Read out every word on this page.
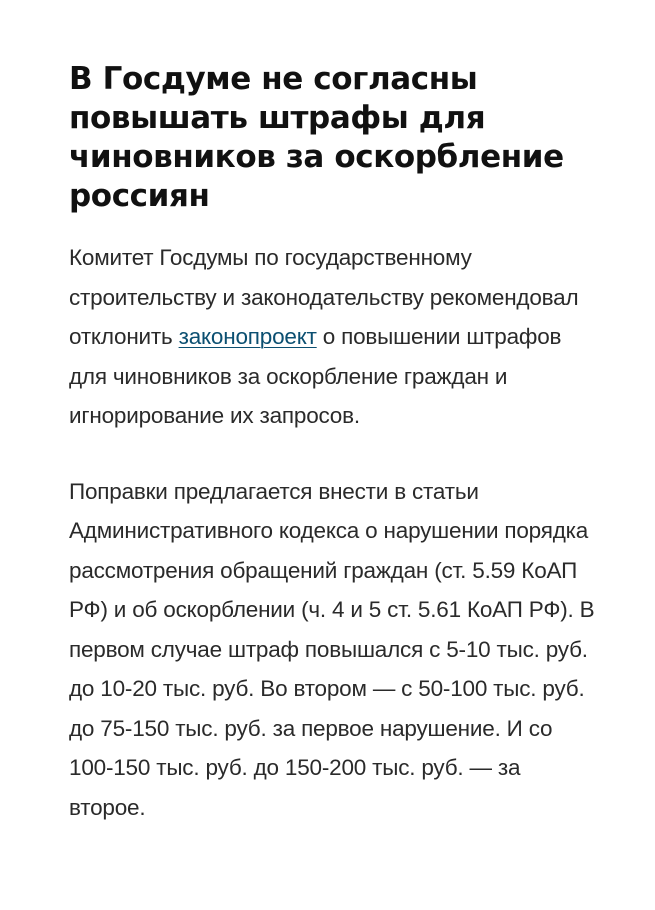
В Госдуме не согласны повышать штрафы для чиновников за оскорбление россиян

Комитет Госдумы по государственному строительству и законодательству рекомендовал отклонить законопроект о повышении штрафов для чиновников за оскорбление граждан и игнорирование их запросов.

Поправки предлагается внести в статьи Административного кодекса о нарушении порядка рассмотрения обращений граждан (ст. 5.59 КоАП РФ) и об оскорблении (ч. 4 и 5 ст. 5.61 КоАП РФ). В первом случае штраф повышался с 5-10 тыс. руб. до 10-20 тыс. руб. Во втором — с 50-100 тыс. руб. до 75-150 тыс. руб. за первое нарушение. И со 100-150 тыс. руб. до 150-200 тыс. руб. — за второе.
